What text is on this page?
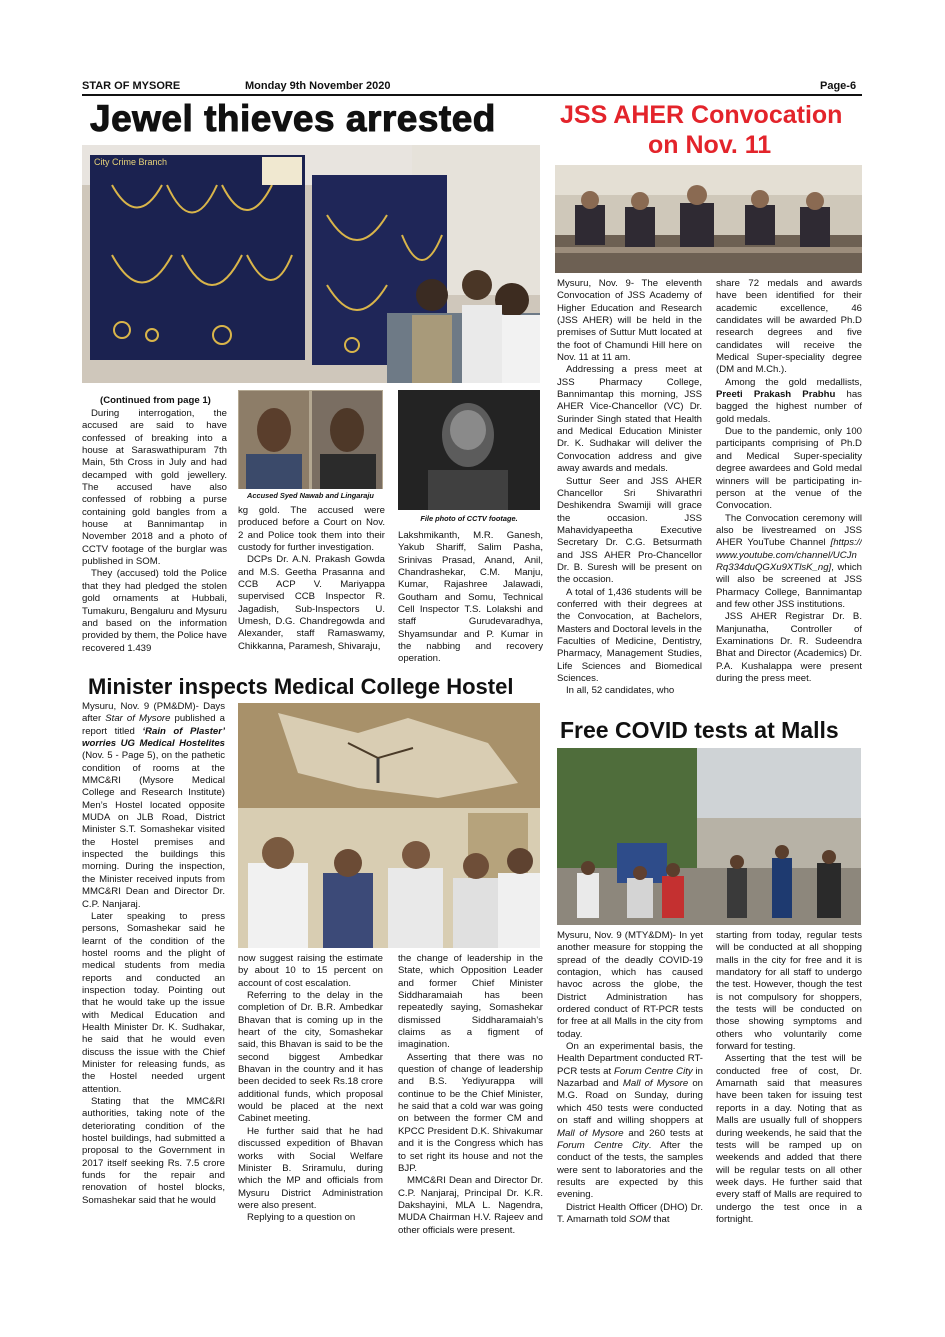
STAR OF MYSORE	Monday 9th November 2020	Page-6
Jewel thieves arrested
City Crime Branch
(Continued from page 1)

During interrogation, the accused are said to have confessed of breaking into a house at Saraswathipuram 7th Main, 5th Cross in July and had decamped with gold jewellery. The accused have also confessed of robbing a purse containing gold bangles from a house at Bannimantap in November 2018 and a photo of CCTV footage of the burglar was published in SOM.

They (accused) told the Police that they had pledged the stolen gold ornaments at Hubbali, Tumakuru, Bengaluru and Mysuru and based on the information provided by them, the Police have recovered 1.439

Accused Syed Nawab and Lingaraju
File photo of CCTV footage.

kg gold. The accused were produced before a Court on Nov. 2 and Police took them into their custody for further investigation.

DCPs Dr. A.N. Prakash Gowda and M.S. Geetha Prasanna and CCB ACP V. Mariyappa supervised CCB Inspector R. Jagadish, Sub-Inspectors U. Umesh, D.G. Chandregowda and Alexander, staff Ramaswamy, Chikkanna, Paramesh, Shivaraju,

Lakshmikanth, M.R. Ganesh, Yakub Shariff, Salim Pasha, Srinivas Prasad, Anand, Anil, Chandrashekar, C.M. Manju, Kumar, Rajashree Jalawadi, Goutham and Somu, Technical Cell Inspector T.S. Lolakshi and staff Gurudevaradhya, Shyamsundar and P. Kumar in the nabbing and recovery operation.

JSS AHER Convocation
on Nov. 11

Mysuru, Nov. 9- The eleventh Convocation of JSS Academy of Higher Education and Research (JSS AHER) will be held in the premises of Suttur Mutt located at the foot of Chamundi Hill here on Nov. 11 at 11 am.

Addressing a press meet at JSS Pharmacy College, Bannimantap this morning, JSS AHER Vice-Chancellor (VC) Dr. Surinder Singh stated that Health and Medical Education Minister Dr. K. Sudhakar will deliver the Convocation address and give away awards and medals.

Suttur Seer and JSS AHER Chancellor Sri Shivarathri Deshikendra Swamiji will grace the occasion. JSS Mahavidyapeetha Executive Secretary Dr. C.G. Betsurmath and JSS AHER Pro-Chancellor Dr. B. Suresh will be present on the occasion.

A total of 1,436 students will be conferred with their degrees at the Convocation, at Bachelors, Masters and Doctoral levels in the Faculties of Medicine, Dentistry, Pharmacy, Management Studies, Life Sciences and Biomedical Sciences.

In all, 52 candidates, who

share 72 medals and awards have been identified for their academic excellence, 46 candidates will be awarded Ph.D research degrees and five candidates will receive the Medical Super-speciality degree (DM and M.Ch.).

Among the gold medallists, Preeti Prakash Prabhu has bagged the highest number of gold medals.

Due to the pandemic, only 100 participants comprising of Ph.D and Medical Super-speciality degree awardees and Gold medal winners will be participating in-person at the venue of the Convocation.

The Convocation ceremony will also be livestreamed on JSS AHER YouTube Channel [https://www.youtube.com/channel/UCJnRq334duQGXu9XTlsK_ng], which will also be screened at JSS Pharmacy College, Bannimantap and few other JSS institutions.

JSS AHER Registrar Dr. B. Manjunatha, Controller of Examinations Dr. R. Sudeendra Bhat and Director (Academics) Dr. P.A. Kushalappa were present during the press meet.

Minister inspects Medical College Hostel

Mysuru, Nov. 9 (PM&DM)- Days after Star of Mysore published a report titled ‘Rain of Plaster’ worries UG Medical Hostelites (Nov. 5 - Page 5), on the pathetic condition of rooms at the MMC&RI (Mysore Medical College and Research Institute) Men’s Hostel located opposite MUDA on JLB Road, District Minister S.T. Somashekar visited the Hostel premises and inspected the buildings this morning. During the inspection, the Minister received inputs from MMC&RI Dean and Director Dr. C.P. Nanjaraj.

Later speaking to press persons, Somashekar said he learnt of the condition of the hostel rooms and the plight of medical students from media reports and conducted an inspection today. Pointing out that he would take up the issue with Medical Education and Health Minister Dr. K. Sudhakar, he said that he would even discuss the issue with the Chief Minister for releasing funds, as the Hostel needed urgent attention.

Stating that the MMC&RI authorities, taking note of the deteriorating condition of the hostel buildings, had submitted a proposal to the Government in 2017 itself seeking Rs. 7.5 crore funds for the repair and renovation of hostel blocks, Somashekar said that he would

now suggest raising the estimate by about 10 to 15 percent on account of cost escalation.

Referring to the delay in the completion of Dr. B.R. Ambedkar Bhavan that is coming up in the heart of the city, Somashekar said, this Bhavan is said to be the second biggest Ambedkar Bhavan in the country and it has been decided to seek Rs.18 crore additional funds, which proposal would be placed at the next Cabinet meeting.

He further said that he had discussed expedition of Bhavan works with Social Welfare Minister B. Sriramulu, during which the MP and officials from Mysuru District Administration were also present.

Replying to a question on

the change of leadership in the State, which Opposition Leader and former Chief Minister Siddharamaiah has been repeatedly saying, Somashekar dismissed Siddharamaiah’s claims as a figment of imagination.

Asserting that there was no question of change of leadership and B.S. Yediyurappa will continue to be the Chief Minister, he said that a cold war was going on between the former CM and KPCC President D.K. Shivakumar and it is the Congress which has to set right its house and not the BJP.

MMC&RI Dean and Director Dr. C.P. Nanjaraj, Principal Dr. K.R. Dakshayini, MLA L. Nagendra, MUDA Chairman H.V. Rajeev and other officials were present.

Free COVID tests at Malls

Mysuru, Nov. 9 (MTY&DM)- In yet another measure for stopping the spread of the deadly COVID-19 contagion, which has caused havoc across the globe, the District Administration has ordered conduct of RT-PCR tests for free at all Malls in the city from today.

On an experimental basis, the Health Department conducted RT-PCR tests at Forum Centre City in Nazarbad and Mall of Mysore on M.G. Road on Sunday, during which 450 tests were conducted on staff and willing shoppers at Mall of Mysore and 260 tests at Forum Centre City. After the conduct of the tests, the samples were sent to laboratories and the results are expected by this evening.

District Health Officer (DHO) Dr. T. Amarnath told SOM that

starting from today, regular tests will be conducted at all shopping malls in the city for free and it is mandatory for all staff to undergo the test. However, though the test is not compulsory for shoppers, the tests will be conducted on those showing symptoms and others who voluntarily come forward for testing.

Asserting that the test will be conducted free of cost, Dr. Amarnath said that measures have been taken for issuing test reports in a day. Noting that as Malls are usually full of shoppers during weekends, he said that the tests will be ramped up on weekends and added that there will be regular tests on all other week days. He further said that every staff of Malls are required to undergo the test once in a fortnight.
